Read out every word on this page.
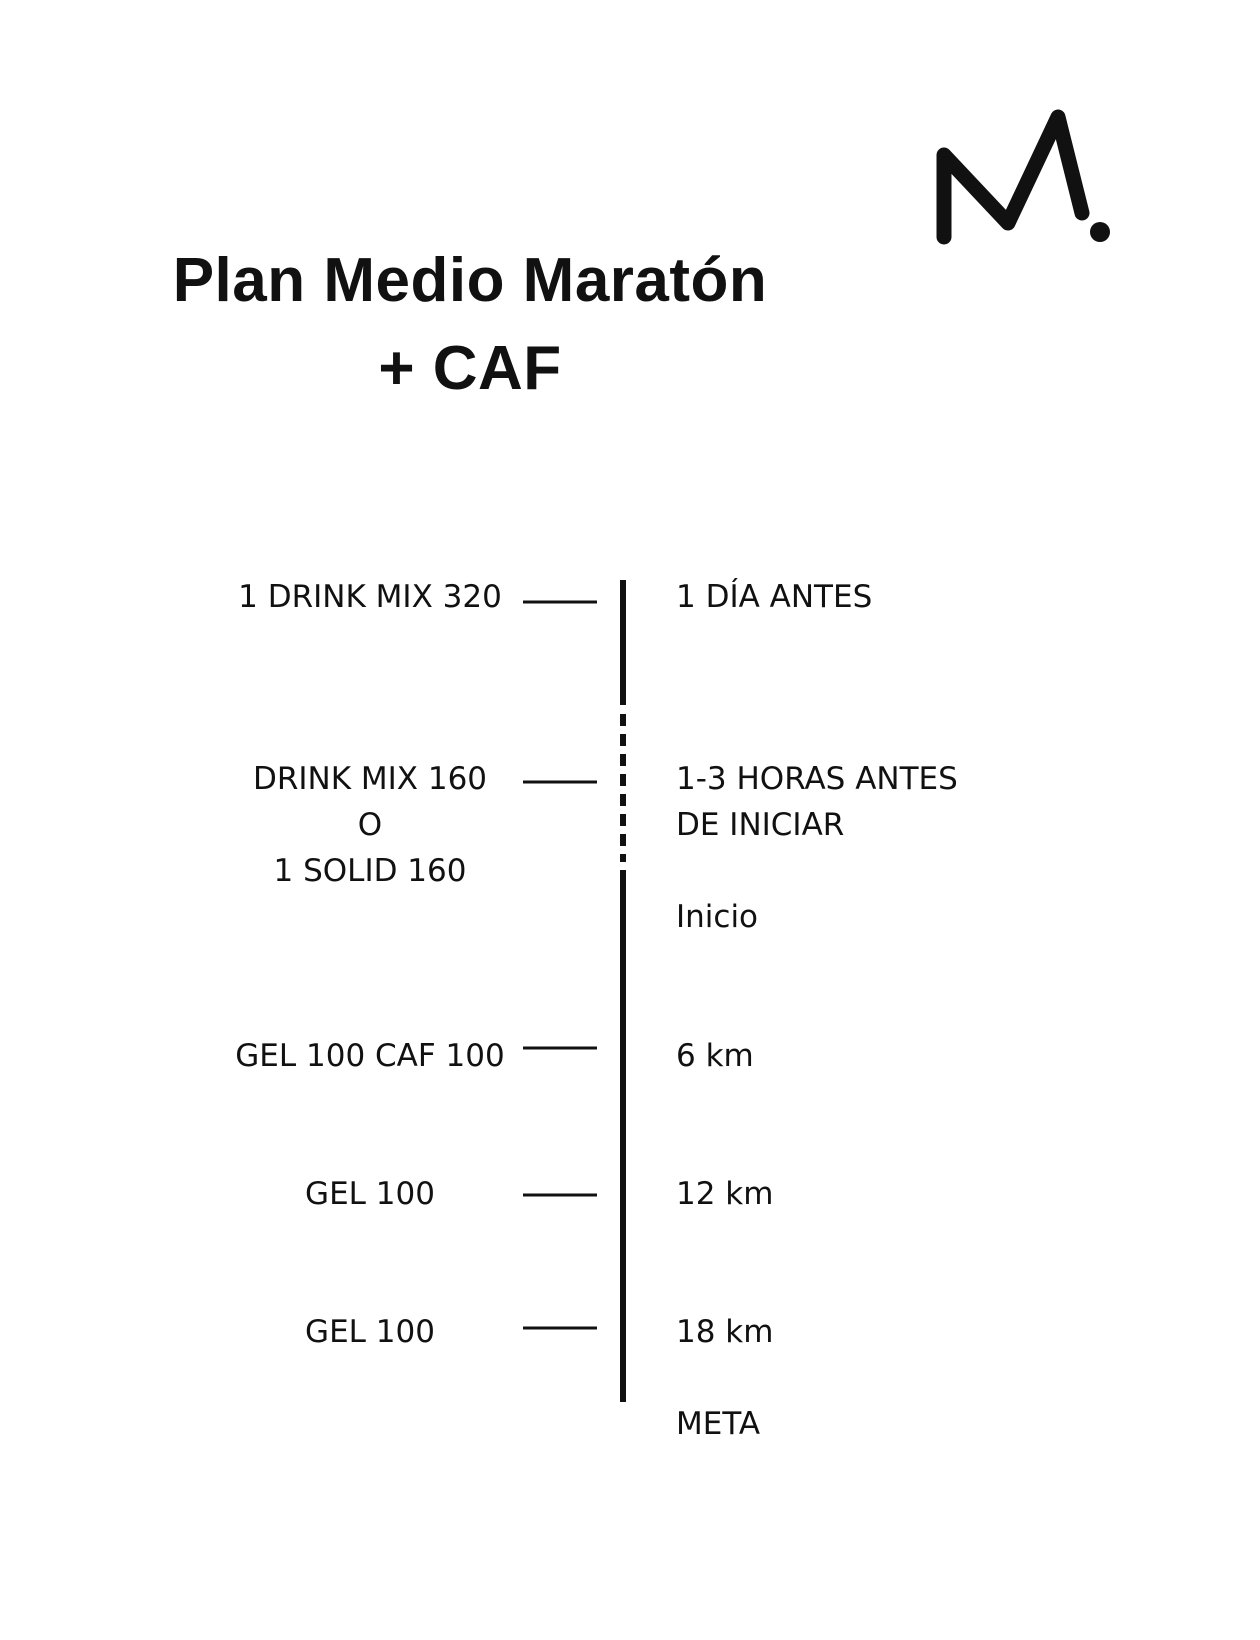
Plan Medio Maratón
+ CAF
1 DRINK MIX 320
DRINK MIX 160
O
1 SOLID 160
GEL 100 CAF 100
GEL 100
GEL 100
1 DÍA ANTES
1-3 HORAS ANTES
DE INICIAR
Inicio
6 km
12 km
18 km
META
